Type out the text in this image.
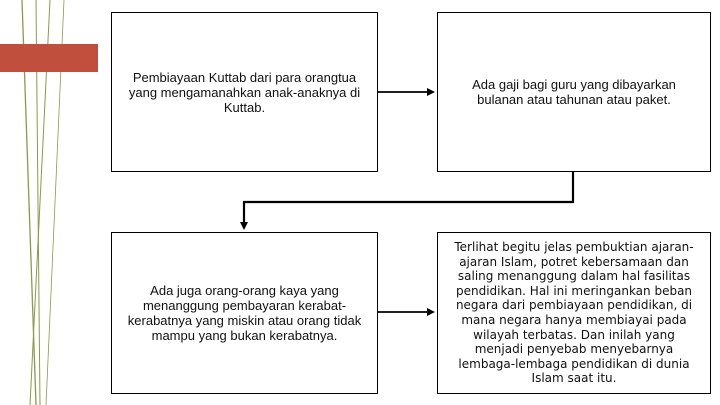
Pembiayaan Kuttab dari para orangtua yang mengamanahkan anak-anaknya di Kuttab.
Ada gaji bagi guru yang dibayarkan bulanan atau tahunan atau paket.
Ada juga orang-orang kaya yang menanggung pembayaran kerabat-kerabatnya yang miskin atau orang tidak mampu yang bukan kerabatnya.
Terlihat begitu jelas pembuktian ajaran-ajaran Islam, potret kebersamaan dan saling menanggung dalam hal fasilitas pendidikan. Hal ini meringankan beban negara dari pembiayaan pendidikan, di mana negara hanya membiayai pada wilayah terbatas. Dan inilah yang menjadi penyebab menyebarnya lembaga-lembaga pendidikan di dunia Islam saat itu.
